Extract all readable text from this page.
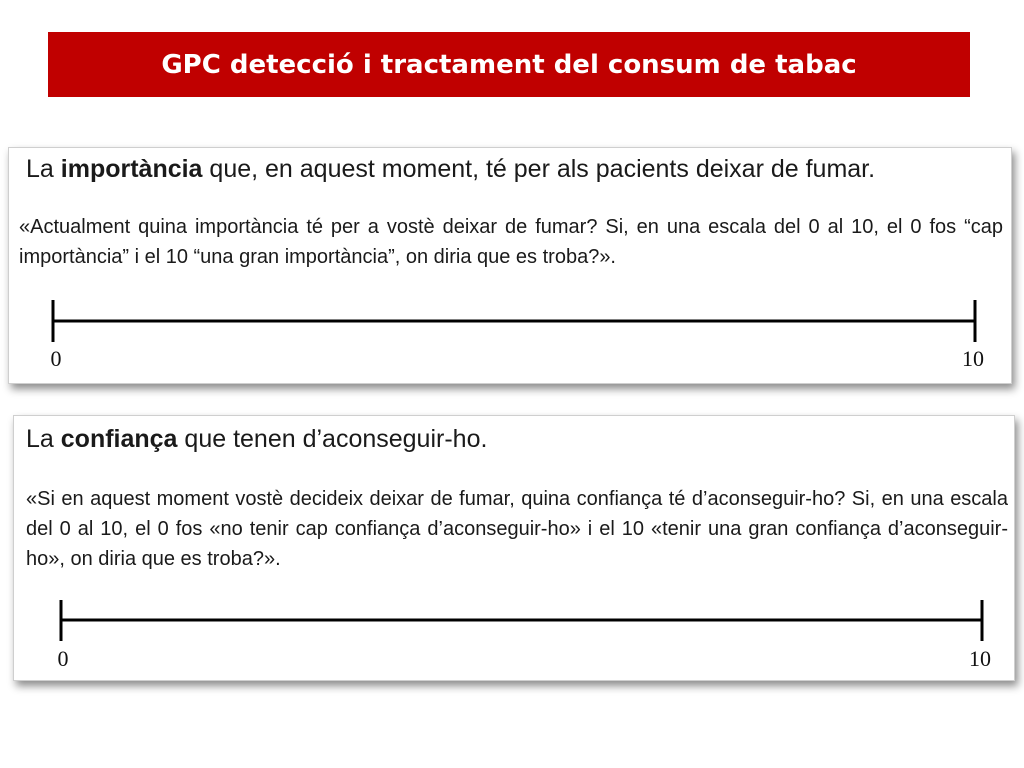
GPC detecció i tractament del consum de tabac
La importància que, en aquest moment, té per als pacients deixar de fumar.
«Actualment quina importància té per a vostè deixar de fumar? Si, en una escala del 0 al 10, el 0 fos “cap importància” i el 10 “una gran importància”, on diria que es troba?».
0	10
La confiança que tenen d’aconseguir-ho.
«Si en aquest moment vostè decideix deixar de fumar, quina confiança té d’aconseguir-ho? Si, en una escala del 0 al 10, el 0 fos «no tenir cap confiança d’aconseguir-ho» i el 10 «tenir una gran confiança d’aconseguir-ho», on diria que es troba?».
0	10
